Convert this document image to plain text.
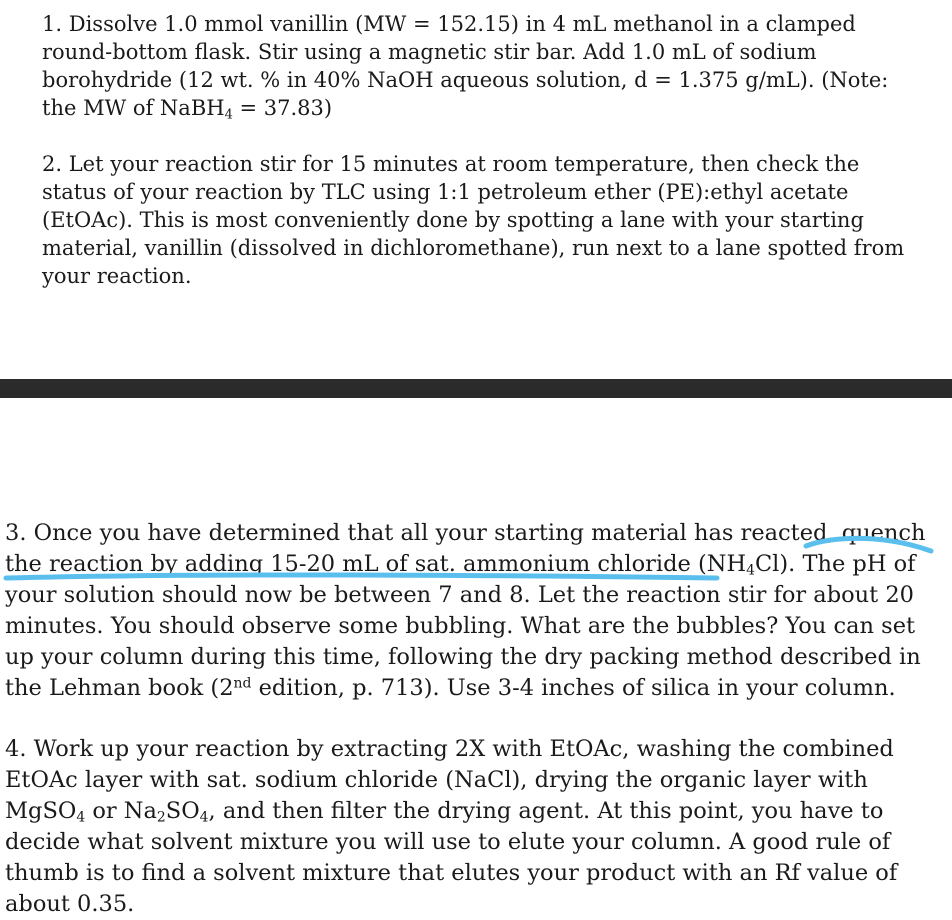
1. Dissolve 1.0 mmol vanillin (MW = 152.15) in 4 mL methanol in a clamped round-bottom flask. Stir using a magnetic stir bar. Add 1.0 mL of sodium borohydride (12 wt. % in 40% NaOH aqueous solution, d = 1.375 g/mL). (Note: the MW of NaBH$_4$ = 37.83)

2. Let your reaction stir for 15 minutes at room temperature, then check the status of your reaction by TLC using 1:1 petroleum ether (PE):ethyl acetate (EtOAc). This is most conveniently done by spotting a lane with your starting material, vanillin (dissolved in dichloromethane), run next to a lane spotted from your reaction.

3. Once you have determined that all your starting material has reacted, quench the reaction by adding 15-20 mL of sat. ammonium chloride $(NH_4Cl)$. The pH of your solution should now be between 7 and 8. Let the reaction stir for about 20 minutes. You should observe some bubbling. What are the bubbles? You can set up your column during this time, following the dry packing method described in the Lehman book (2nd edition, p. 713). Use 3-4 inches of silica in your column.

4. Work up your reaction by extracting 2X with EtOAc, washing the combined EtOAc layer with sat. sodium chloride (NaCl), drying the organic layer with MgSO$_4$ or $Na_2SO_4$, and then filter the drying agent. At this point, you have to decide what solvent mixture you will use to elute your column. A good rule of thumb is to find a solvent mixture that elutes your product with an Rf value of about 0.35.
